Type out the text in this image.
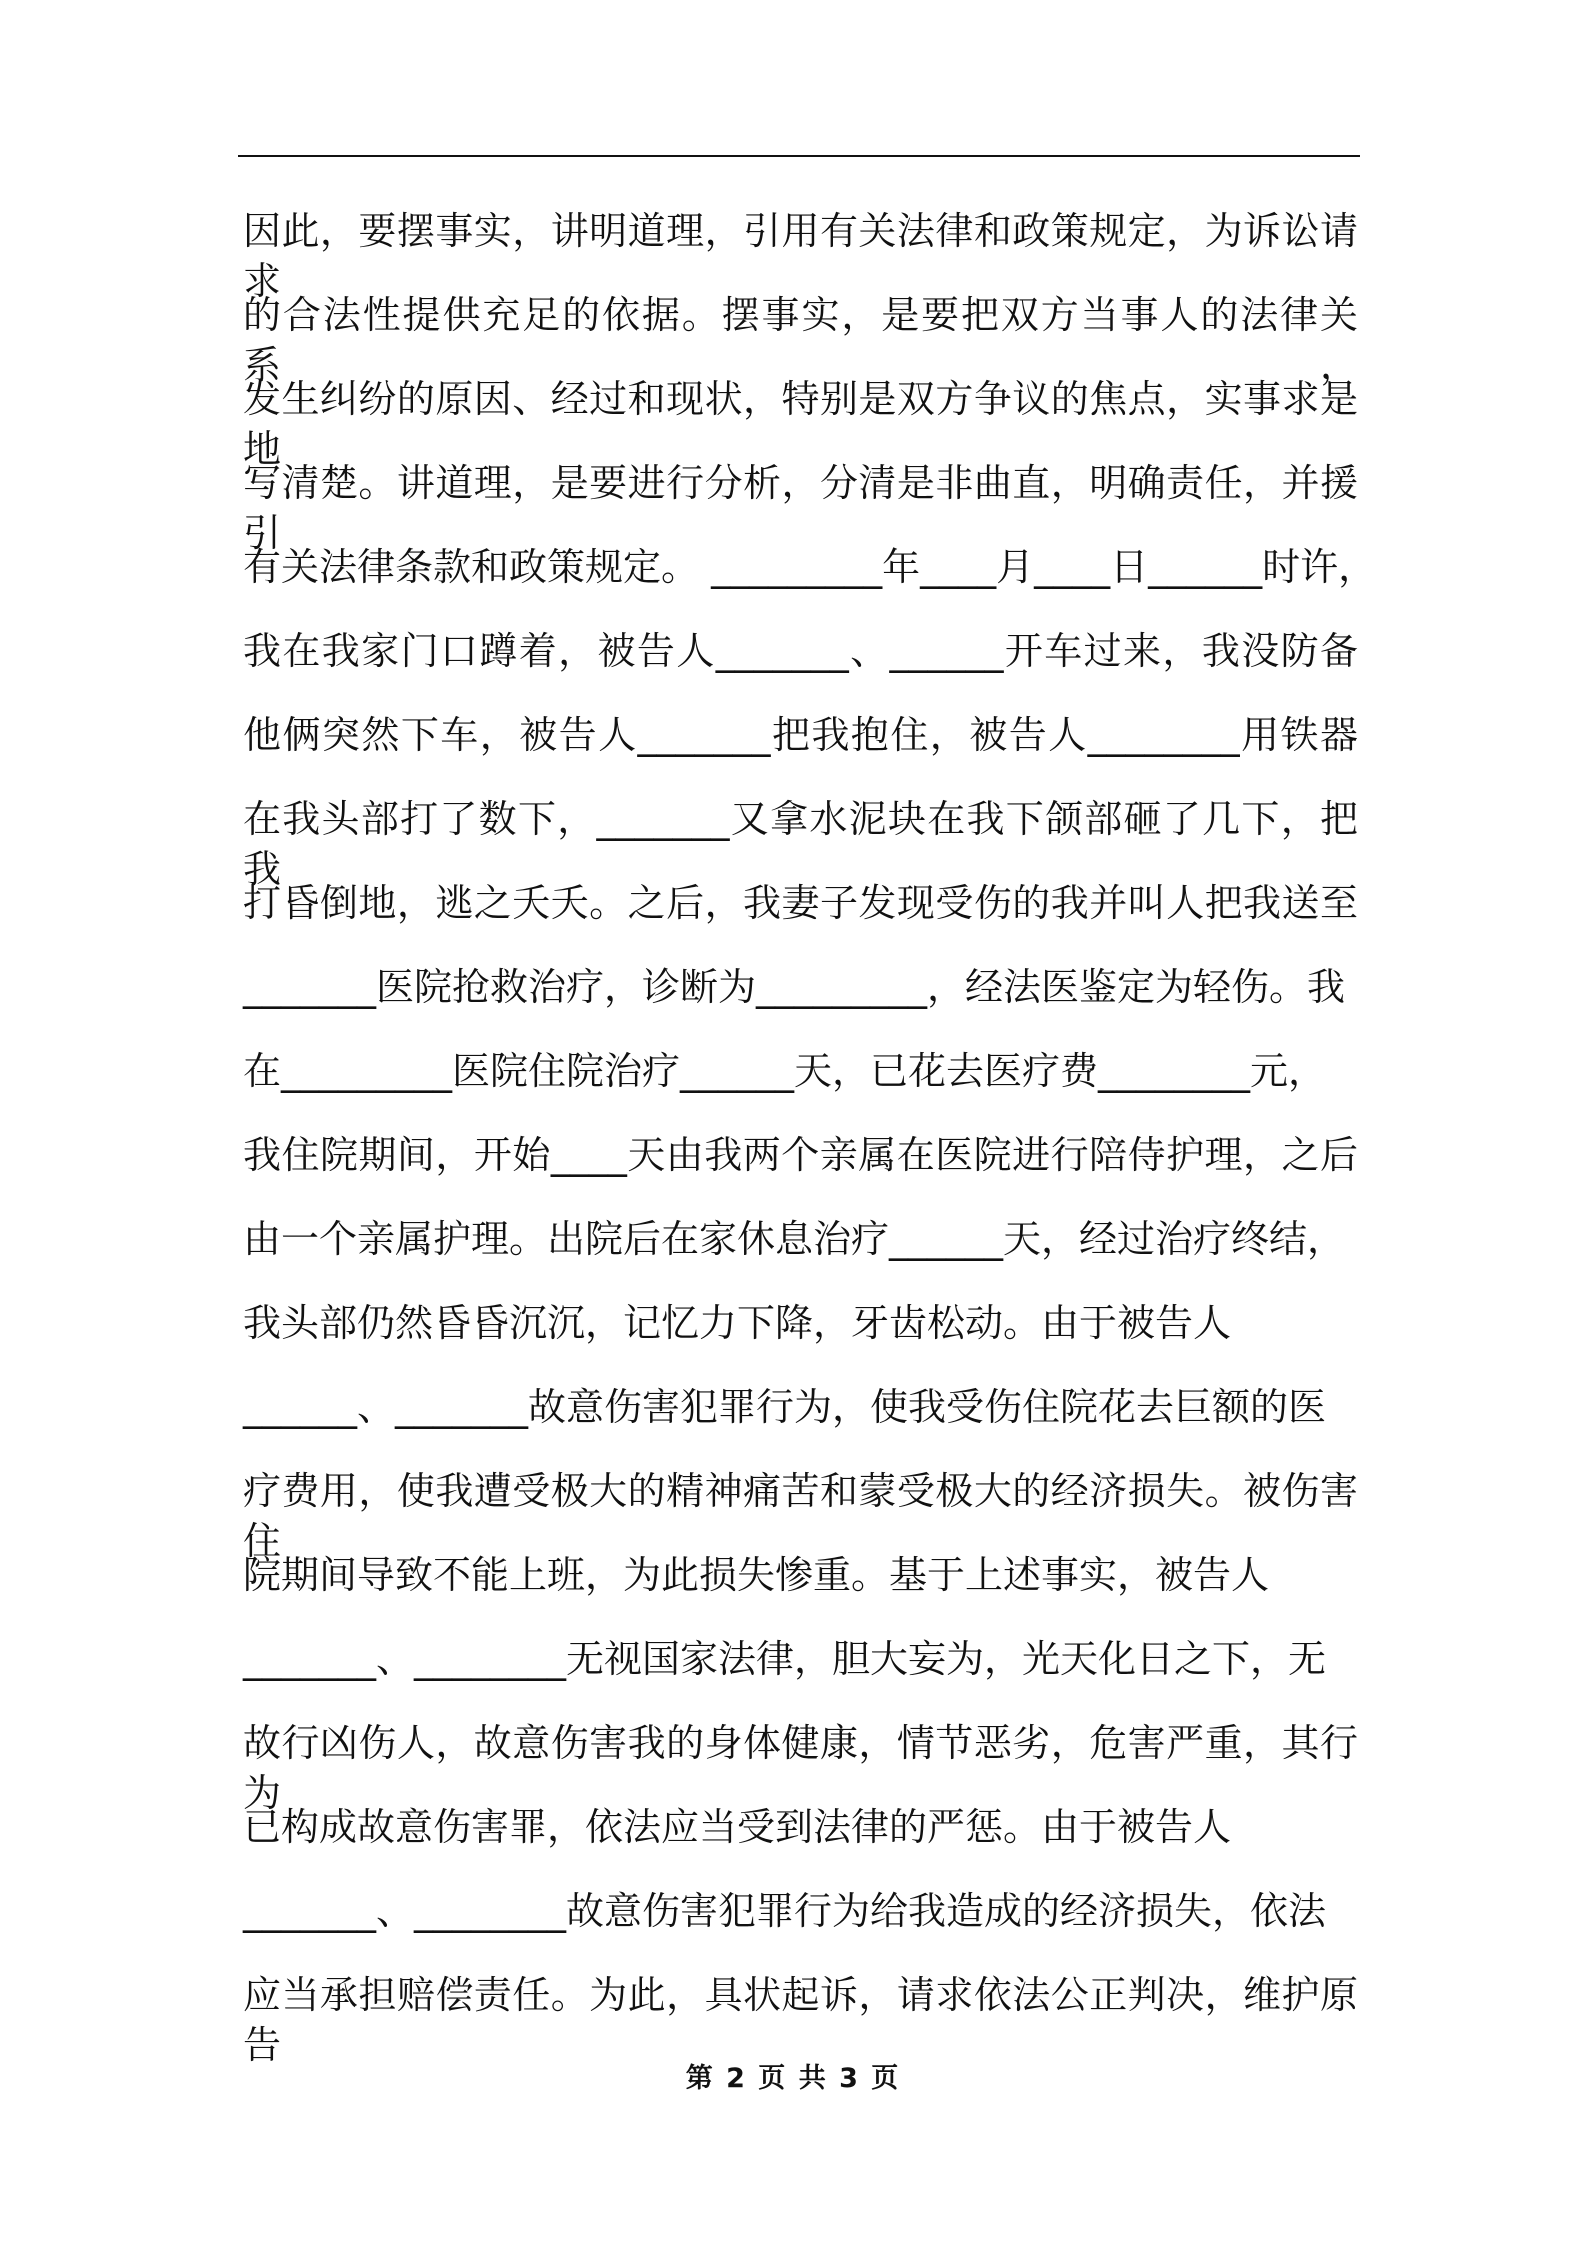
因此，要摆事实，讲明道理，引用有关法律和政策规定，为诉讼请求
的合法性提供充足的依据。摆事实，是要把双方当事人的法律关系，
发生纠纷的原因、经过和现状，特别是双方争议的焦点，实事求是地
写清楚。讲道理，是要进行分析，分清是非曲直，明确责任，并援引
有关法律条款和政策规定。 _________年____月____日______时许，
我在我家门口蹲着，被告人_______、______开车过来，我没防备
他俩突然下车，被告人_______把我抱住，被告人________用铁器
在我头部打了数下，_______又拿水泥块在我下颌部砸了几下，把我
打昏倒地，逃之夭夭。之后，我妻子发现受伤的我并叫人把我送至
_______医院抢救治疗，诊断为_________，经法医鉴定为轻伤。我
在_________医院住院治疗______天，已花去医疗费________元，
我住院期间，开始____天由我两个亲属在医院进行陪侍护理，之后
由一个亲属护理。出院后在家休息治疗______天，经过治疗终结，
我头部仍然昏昏沉沉，记忆力下降，牙齿松动。由于被告人
______、_______故意伤害犯罪行为，使我受伤住院花去巨额的医
疗费用，使我遭受极大的精神痛苦和蒙受极大的经济损失。被伤害住
院期间导致不能上班，为此损失惨重。基于上述事实，被告人
_______、________无视国家法律，胆大妄为，光天化日之下，无
故行凶伤人，故意伤害我的身体健康，情节恶劣，危害严重，其行为
已构成故意伤害罪，依法应当受到法律的严惩。由于被告人
_______、________故意伤害犯罪行为给我造成的经济损失，依法
应当承担赔偿责任。为此，具状起诉，请求依法公正判决，维护原告
第 2 页 共 3 页
